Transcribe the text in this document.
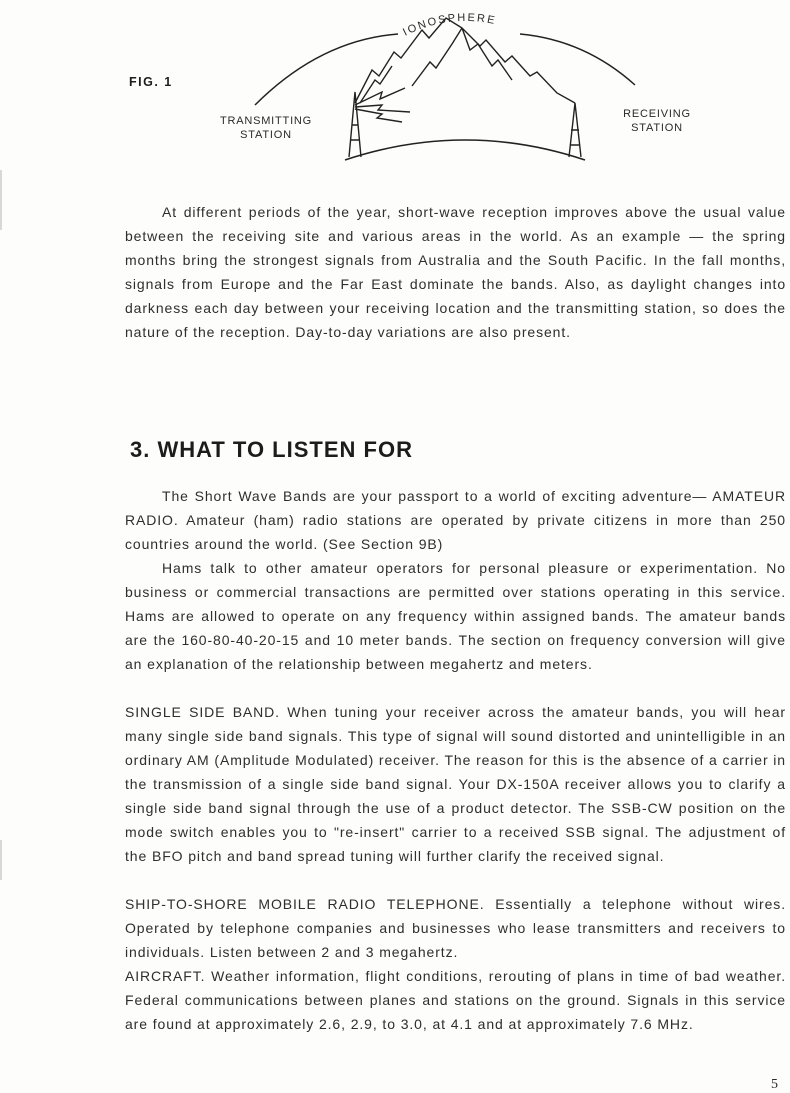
IONOSPHERE
FIG. 1
TRANSMITTING
STATION
RECEIVING
STATION

At different periods of the year, short-wave reception improves above the usual value between the receiving site and various areas in the world. As an example — the spring months bring the strongest signals from Australia and the South Pacific. In the fall months, signals from Europe and the Far East dominate the bands. Also, as daylight changes into darkness each day between your receiving location and the transmitting station, so does the nature of the reception. Day-to-day variations are also present.

3. WHAT TO LISTEN FOR

The Short Wave Bands are your passport to a world of exciting adventure— AMATEUR RADIO. Amateur (ham) radio stations are operated by private citizens in more than 250 countries around the world. (See Section 9B)

Hams talk to other amateur operators for personal pleasure or experimentation. No business or commercial transactions are permitted over stations operating in this service. Hams are allowed to operate on any frequency within assigned bands. The amateur bands are the 160-80-40-20-15 and 10 meter bands. The section on frequency conversion will give an explanation of the relationship between megahertz and meters.

SINGLE SIDE BAND. When tuning your receiver across the amateur bands, you will hear many single side band signals. This type of signal will sound distorted and unintelligible in an ordinary AM (Amplitude Modulated) receiver. The reason for this is the absence of a carrier in the transmission of a single side band signal. Your DX-150A receiver allows you to clarify a single side band signal through the use of a product detector. The SSB-CW position on the mode switch enables you to "re-insert" carrier to a received SSB signal. The adjustment of the BFO pitch and band spread tuning will further clarify the received signal.

SHIP-TO-SHORE MOBILE RADIO TELEPHONE. Essentially a telephone without wires. Operated by telephone companies and businesses who lease transmitters and receivers to individuals. Listen between 2 and 3 megahertz.

AIRCRAFT. Weather information, flight conditions, rerouting of plans in time of bad weather. Federal communications between planes and stations on the ground. Signals in this service are found at approximately 2.6, 2.9, to 3.0, at 4.1 and at approximately 7.6 MHz.

5
